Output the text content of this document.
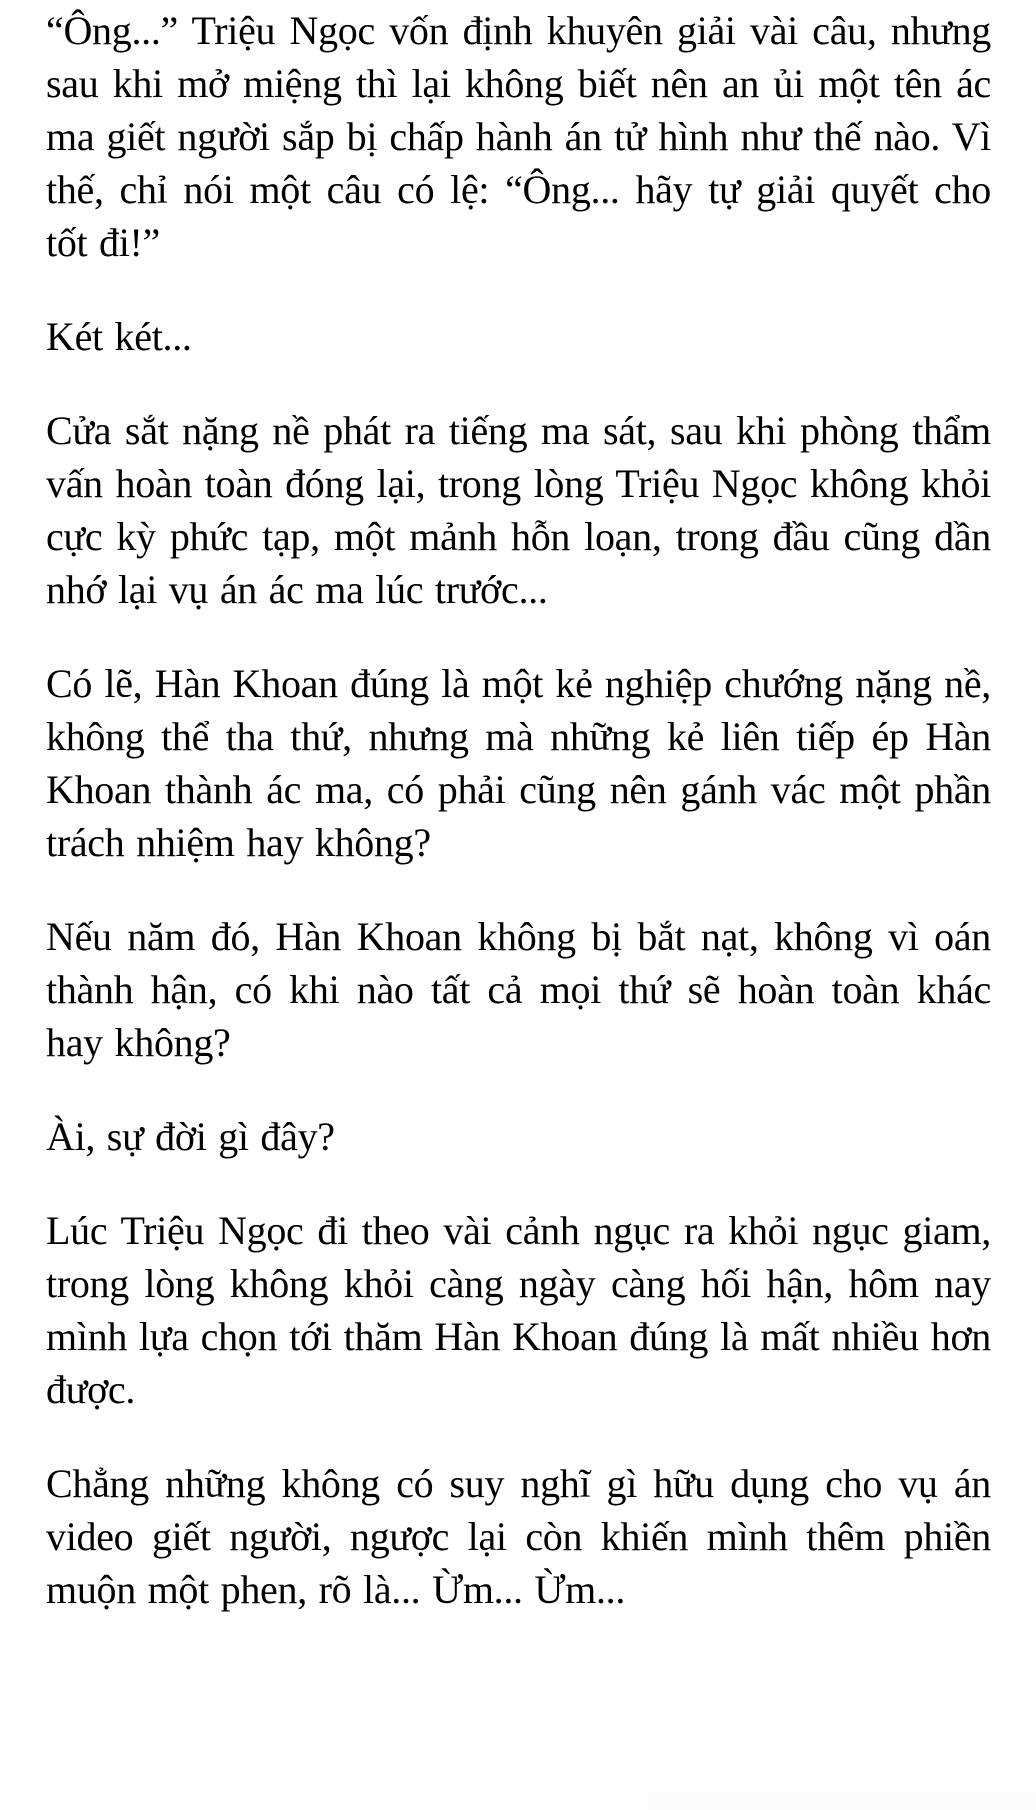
“Ông...” Triệu Ngọc vốn định khuyên giải vài câu, nhưng sau khi mở miệng thì lại không biết nên an ủi một tên ác ma giết người sắp bị chấp hành án tử hình như thế nào. Vì thế, chỉ nói một câu có lệ: “Ông... hãy tự giải quyết cho tốt đi!”

Két két...

Cửa sắt nặng nề phát ra tiếng ma sát, sau khi phòng thẩm vấn hoàn toàn đóng lại, trong lòng Triệu Ngọc không khỏi cực kỳ phức tạp, một mảnh hỗn loạn, trong đầu cũng dần nhớ lại vụ án ác ma lúc trước...

Có lẽ, Hàn Khoan đúng là một kẻ nghiệp chướng nặng nề, không thể tha thứ, nhưng mà những kẻ liên tiếp ép Hàn Khoan thành ác ma, có phải cũng nên gánh vác một phần trách nhiệm hay không?

Nếu năm đó, Hàn Khoan không bị bắt nạt, không vì oán thành hận, có khi nào tất cả mọi thứ sẽ hoàn toàn khác hay không?

Ài, sự đời gì đây?

Lúc Triệu Ngọc đi theo vài cảnh ngục ra khỏi ngục giam, trong lòng không khỏi càng ngày càng hối hận, hôm nay mình lựa chọn tới thăm Hàn Khoan đúng là mất nhiều hơn được.

Chẳng những không có suy nghĩ gì hữu dụng cho vụ án video giết người, ngược lại còn khiến mình thêm phiền muộn một phen, rõ là... Ừm... Ừm...
